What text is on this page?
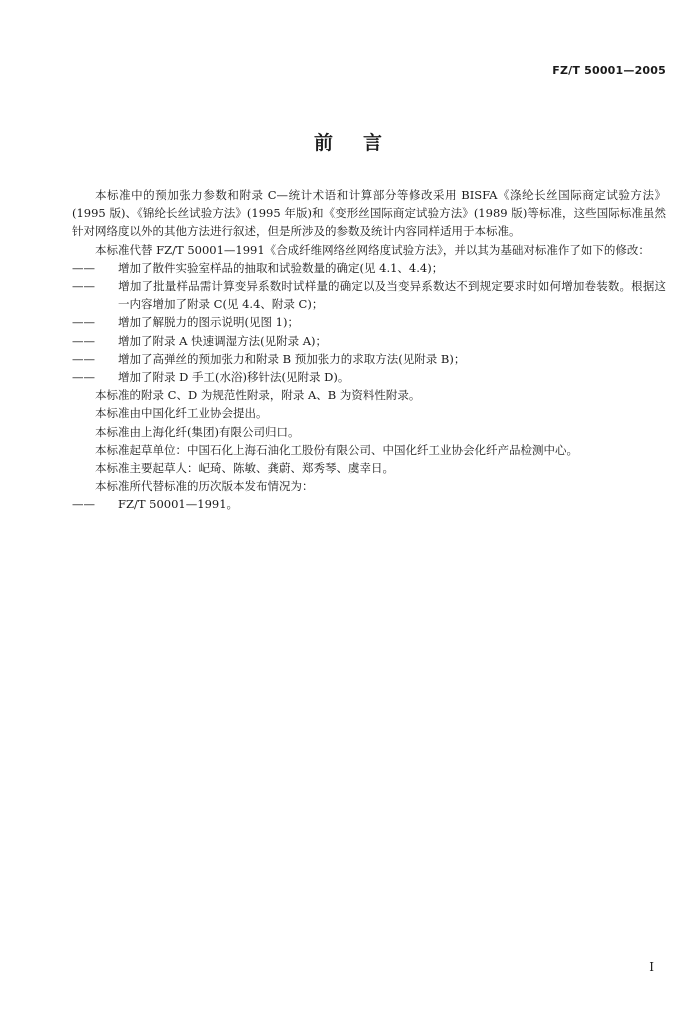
FZ/T 50001—2005
前言

本标准中的预加张力参数和附录 C—统计术语和计算部分等修改采用 BISFA《涤纶长丝国际商定试验方法》(1995 版)、《锦纶长丝试验方法》(1995 年版)和《变形丝国际商定试验方法》(1989 版)等标准，这些国际标准虽然针对网络度以外的其他方法进行叙述，但是所涉及的参数及统计内容同样适用于本标准。

本标准代替 FZ/T 50001—1991《合成纤维网络丝网络度试验方法》，并以其为基础对标准作了如下的修改：

—— 增加了散件实验室样品的抽取和试验数量的确定(见 4.1、4.4)；

—— 增加了批量样品需计算变异系数时试样量的确定以及当变异系数达不到规定要求时如何增加卷装数。根据这一内容增加了附录 C(见 4.4、附录 C)；

—— 增加了解脱力的图示说明(见图 1)；

—— 增加了附录 A 快速调湿方法(见附录 A)；

—— 增加了高弹丝的预加张力和附录 B 预加张力的求取方法(见附录 B)；

—— 增加了附录 D 手工(水浴)移针法(见附录 D)。

本标准的附录 C、D 为规范性附录，附录 A、B 为资料性附录。

本标准由中国化纤工业协会提出。

本标准由上海化纤(集团)有限公司归口。

本标准起草单位：中国石化上海石油化工股份有限公司、中国化纤工业协会化纤产品检测中心。

本标准主要起草人：屺琦、陈敏、龚蔚、郑秀琴、虞幸日。

本标准所代替标准的历次版本发布情况为：

—— FZ/T 50001—1991。

I
